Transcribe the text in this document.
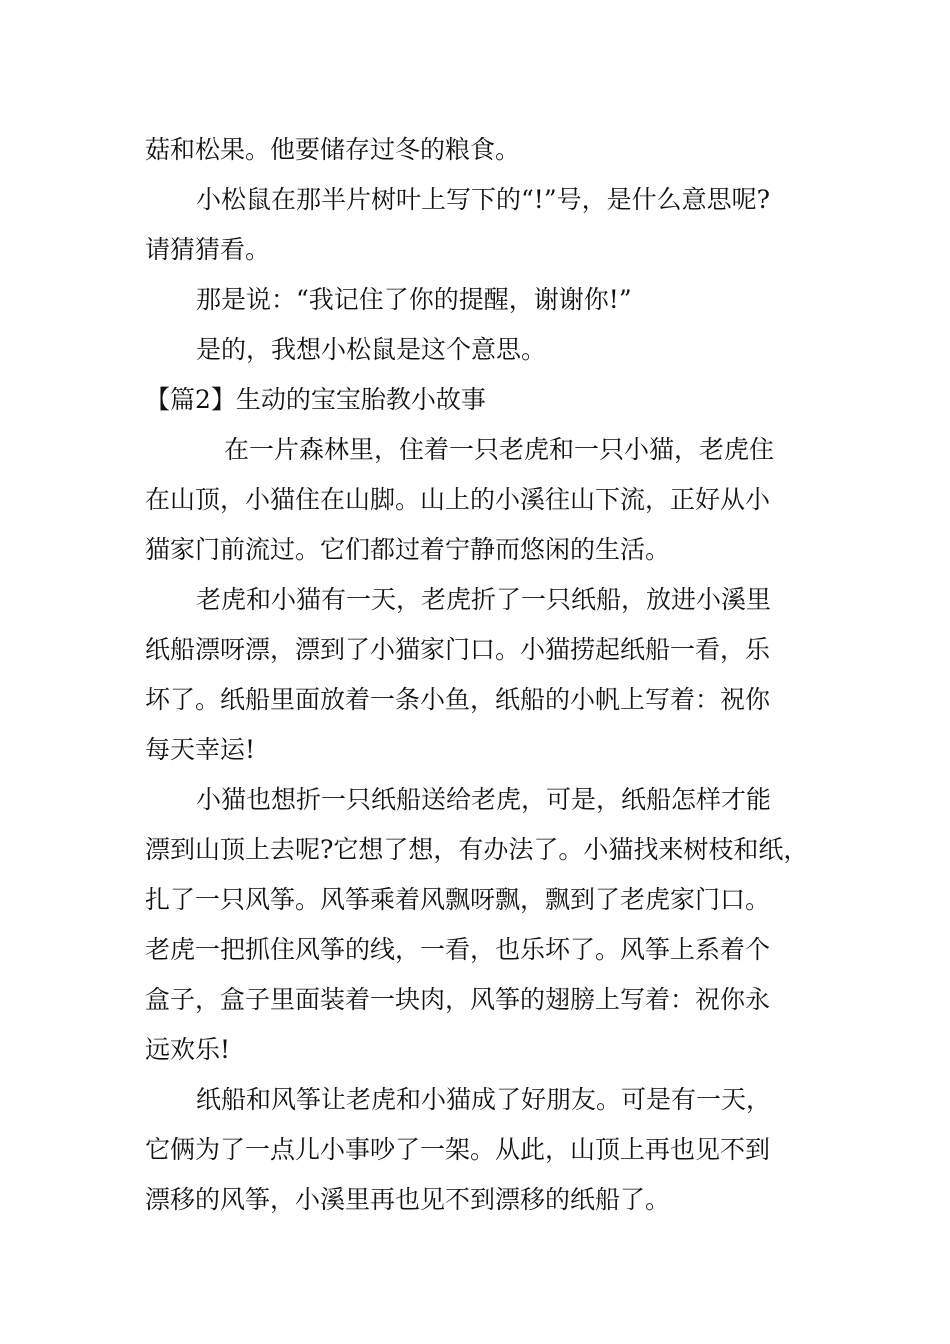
菇和松果。他要储存过冬的粮食。

小松鼠在那半片树叶上写下的“!”号，是什么意思呢?

请猜猜看。

那是说：“我记住了你的提醒，谢谢你!”

是的，我想小松鼠是这个意思。

【篇2】生动的宝宝胎教小故事

在一片森林里，住着一只老虎和一只小猫，老虎住

在山顶，小猫住在山脚。山上的小溪往山下流，正好从小

猫家门前流过。它们都过着宁静而悠闲的生活。

老虎和小猫有一天，老虎折了一只纸船，放进小溪里

纸船漂呀漂，漂到了小猫家门口。小猫捞起纸船一看，乐

坏了。纸船里面放着一条小鱼，纸船的小帆上写着：祝你

每天幸运!

小猫也想折一只纸船送给老虎，可是，纸船怎样才能

漂到山顶上去呢?它想了想，有办法了。小猫找来树枝和纸，

扎了一只风筝。风筝乘着风飘呀飘，飘到了老虎家门口。

老虎一把抓住风筝的线，一看，也乐坏了。风筝上系着个

盒子，盒子里面装着一块肉，风筝的翅膀上写着：祝你永

远欢乐!

纸船和风筝让老虎和小猫成了好朋友。可是有一天，

它俩为了一点儿小事吵了一架。从此，山顶上再也见不到

漂移的风筝，小溪里再也见不到漂移的纸船了。
